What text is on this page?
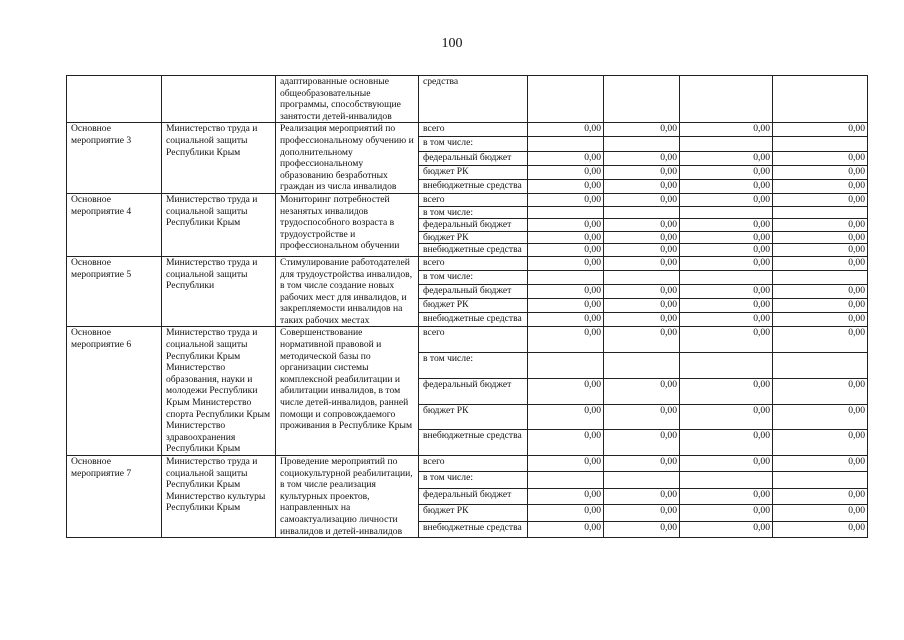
100
		адаптированные основные общеобразовательные программы, способствующие занятости детей-инвалидов	средства				
Основное мероприятие 3	Министерство труда и социальной защиты Республики Крым	Реализация мероприятий по профессиональному обучению и дополнительному профессиональному образованию безработных граждан из числа инвалидов	всего	0,00	0,00	0,00	0,00
			в том числе:				
			федеральный бюджет	0,00	0,00	0,00	0,00
			бюджет РК	0,00	0,00	0,00	0,00
			внебюджетные средства	0,00	0,00	0,00	0,00
Основное мероприятие 4	Министерство труда и социальной защиты Республики Крым	Мониторинг потребностей незанятых инвалидов трудоспособного возраста в трудоустройстве и профессиональном обучении	всего	0,00	0,00	0,00	0,00
			в том числе:				
			федеральный бюджет	0,00	0,00	0,00	0,00
			бюджет РК	0,00	0,00	0,00	0,00
			внебюджетные средства	0,00	0,00	0,00	0,00
Основное мероприятие 5	Министерство труда и социальной защиты Республики	Стимулирование работодателей для трудоустройства инвалидов, в том числе создание новых рабочих мест для инвалидов, и закрепляемости инвалидов на таких рабочих местах	всего	0,00	0,00	0,00	0,00
			в том числе:				
			федеральный бюджет	0,00	0,00	0,00	0,00
			бюджет РК	0,00	0,00	0,00	0,00
			внебюджетные средства	0,00	0,00	0,00	0,00
Основное мероприятие 6	Министерство труда и социальной защиты Республики Крым Министерство образования, науки и молодежи Республики Крым Министерство спорта Республики Крым Министерство здравоохранения Республики Крым	Совершенствование нормативной правовой и методической базы по организации системы комплексной реабилитации и абилитации инвалидов, в том числе детей-инвалидов, ранней помощи и сопровождаемого проживания в Республике Крым	всего	0,00	0,00	0,00	0,00
			в том числе:				
			федеральный бюджет	0,00	0,00	0,00	0,00
			бюджет РК	0,00	0,00	0,00	0,00
			внебюджетные средства	0,00	0,00	0,00	0,00
Основное мероприятие 7	Министерство труда и социальной защиты Республики Крым Министерство культуры Республики Крым	Проведение мероприятий по социокультурной реабилитации, в том числе реализация культурных проектов, направленных на самоактуализацию личности инвалидов и детей-инвалидов	всего	0,00	0,00	0,00	0,00
			в том числе:				
			федеральный бюджет	0,00	0,00	0,00	0,00
			бюджет РК	0,00	0,00	0,00	0,00
			внебюджетные средства	0,00	0,00	0,00	0,00
